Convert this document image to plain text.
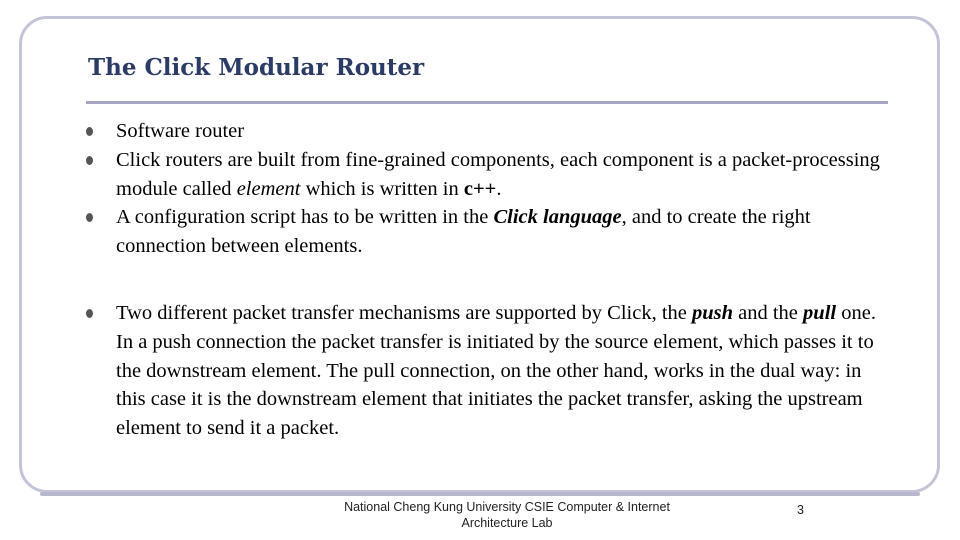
The Click Modular Router
Software router
Click routers are built from fine-grained components, each component is a packet-processing module called element which is written in c++.
A configuration script has to be written in the Click language, and to create the right connection between elements.
Two different packet transfer mechanisms are supported by Click, the push and the pull one. In a push connection the packet transfer is initiated by the source element, which passes it to the downstream element. The pull connection, on the other hand, works in the dual way: in this case it is the downstream element that initiates the packet transfer, asking the upstream element to send it a packet.
National Cheng Kung University CSIE Computer & Internet Architecture Lab
3
